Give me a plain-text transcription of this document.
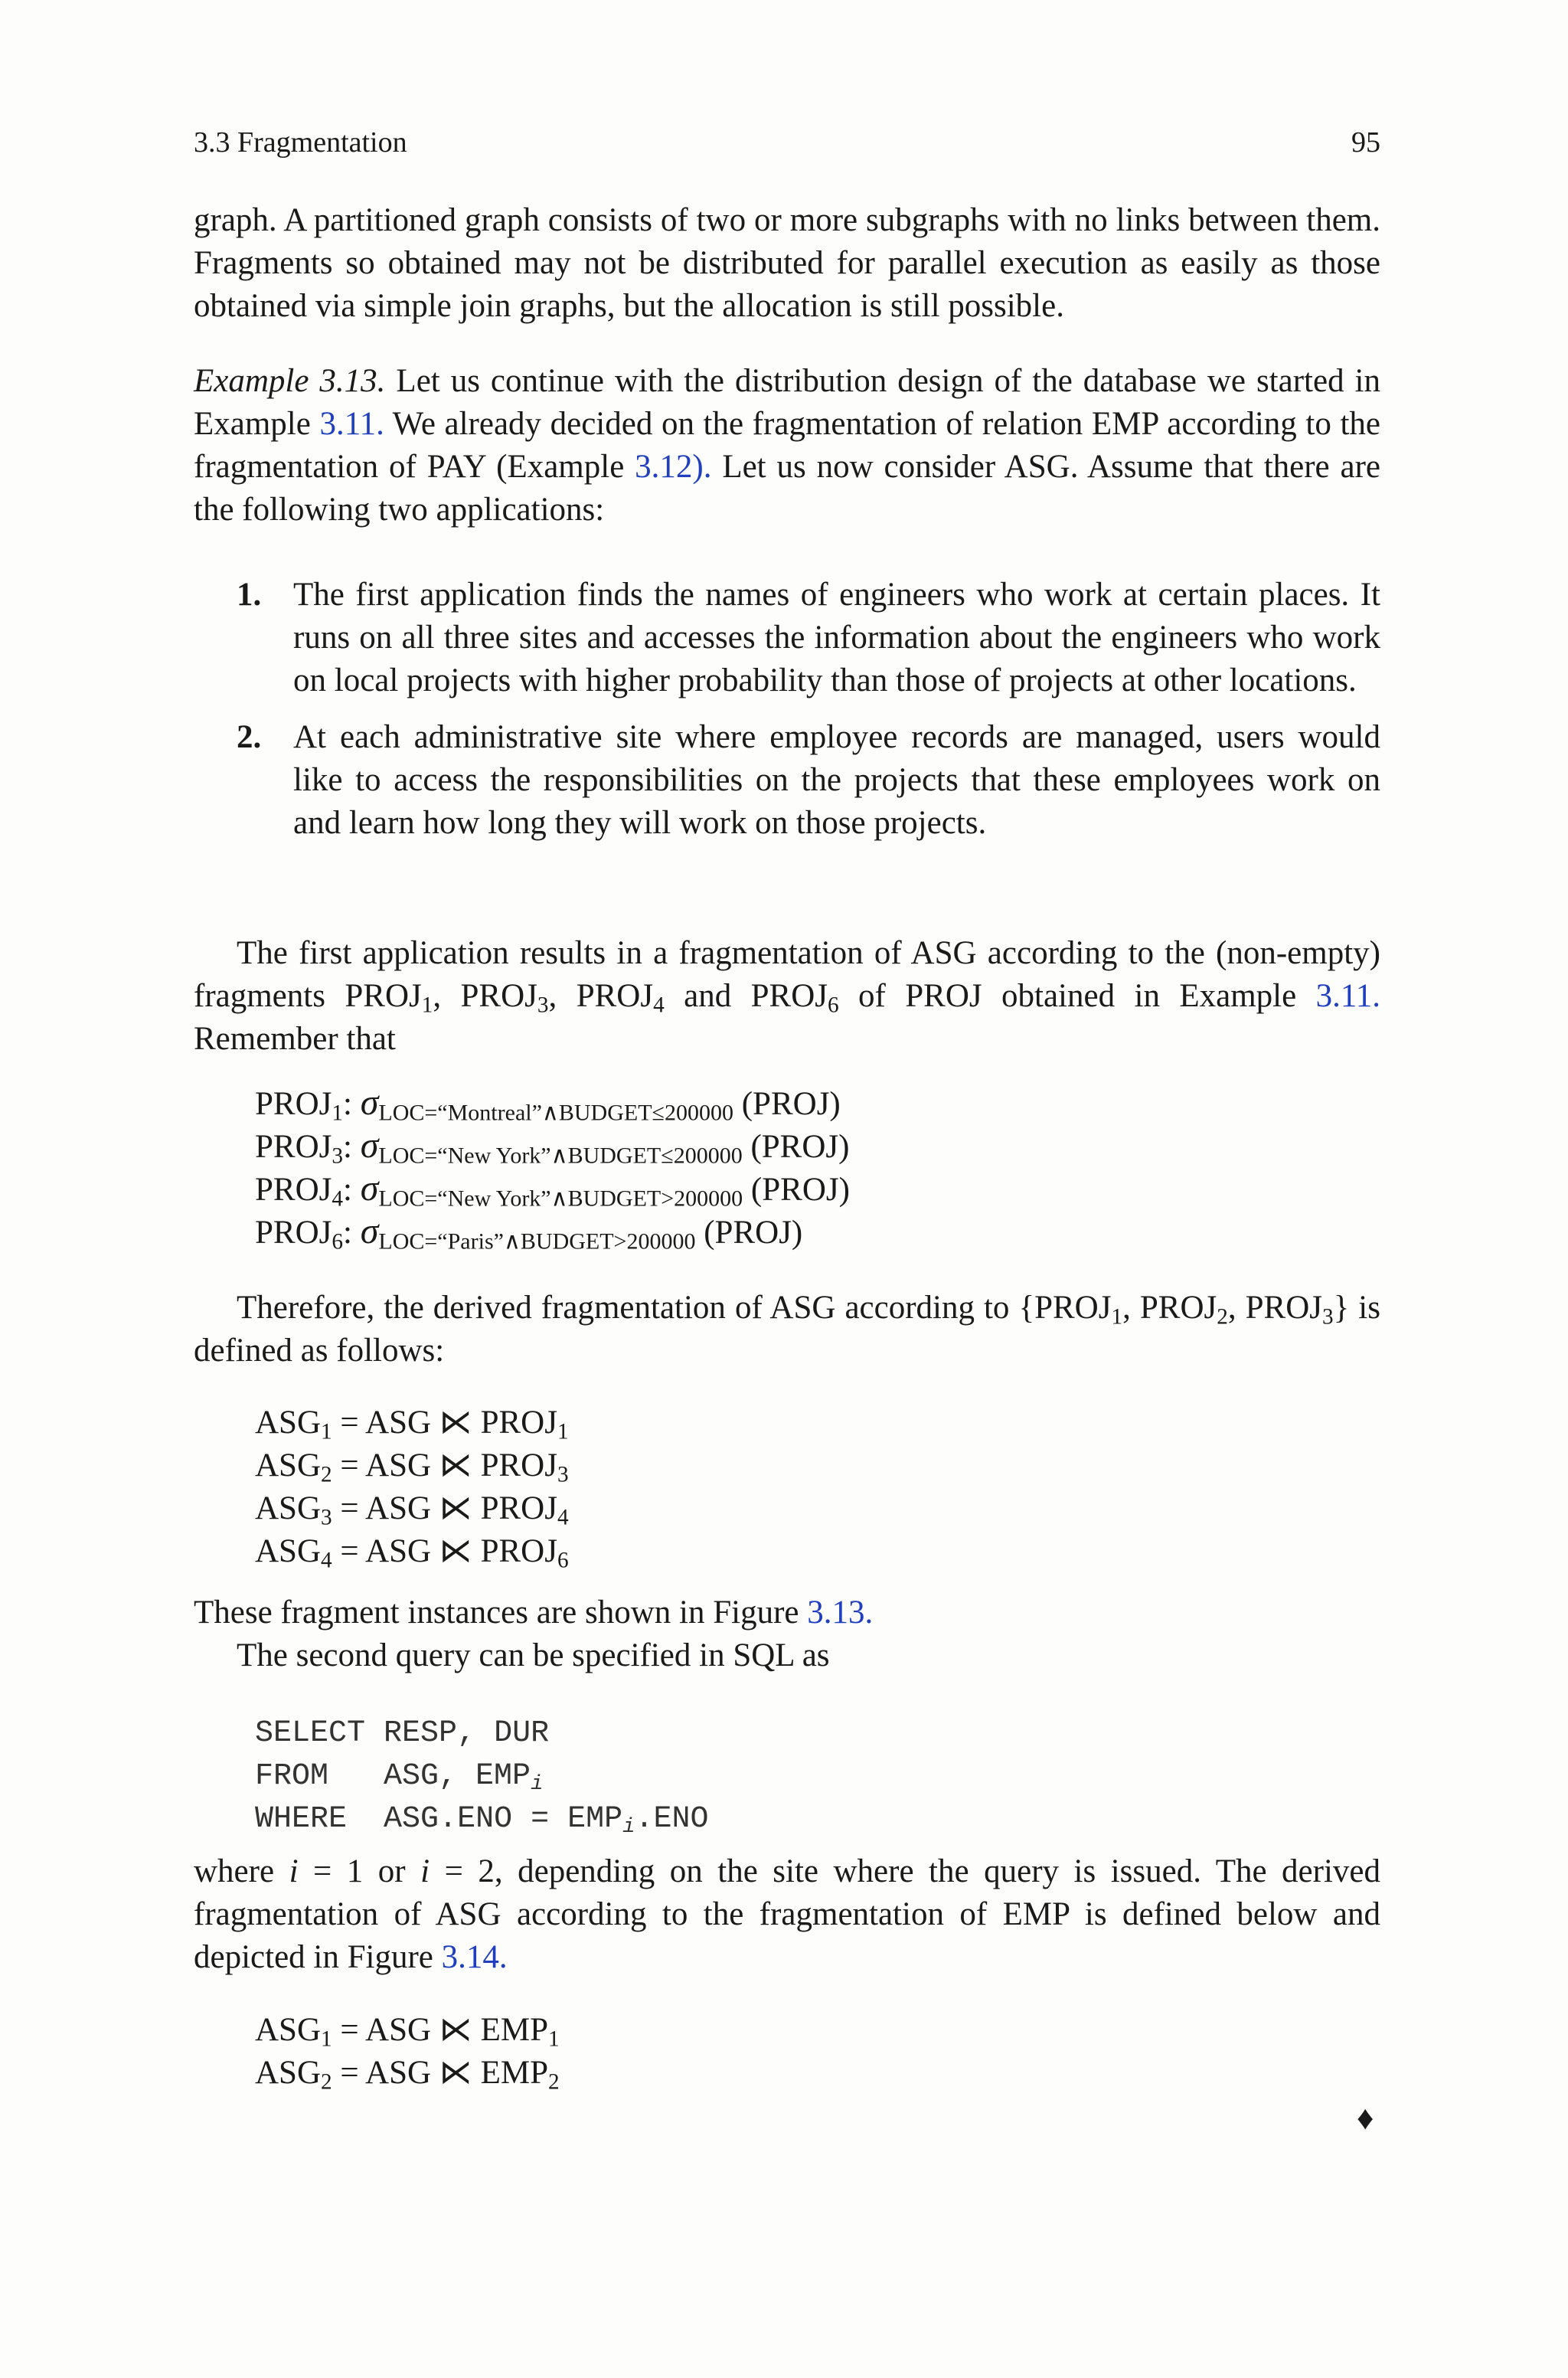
3.3 Fragmentation	95

graph. A partitioned graph consists of two or more subgraphs with no links between them. Fragments so obtained may not be distributed for parallel execution as easily as those obtained via simple join graphs, but the allocation is still possible.

Example 3.13. Let us continue with the distribution design of the database we started in Example 3.11. We already decided on the fragmentation of relation EMP according to the fragmentation of PAY (Example 3.12). Let us now consider ASG. Assume that there are the following two applications:

1. The first application finds the names of engineers who work at certain places. It runs on all three sites and accesses the information about the engineers who work on local projects with higher probability than those of projects at other locations.
2. At each administrative site where employee records are managed, users would like to access the responsibilities on the projects that these employees work on and learn how long they will work on those projects.

The first application results in a fragmentation of ASG according to the (non-empty) fragments $PROJ_1$, $PROJ_3$, $PROJ_4$ and $PROJ_6$ of PROJ obtained in Example 3.11. Remember that

$PROJ_1$: $\sigma_{LOC=“Montreal”\wedge BUDGET\le 200000}$ (PROJ)
$PROJ_3$: $\sigma_{LOC=“New York”\wedge BUDGET\le 200000}$ (PROJ)
$PROJ_4$: $\sigma_{LOC=“New York”\wedge BUDGET>200000}$ (PROJ)
$PROJ_6$: $\sigma_{LOC=“Paris”\wedge BUDGET>200000}$ (PROJ)

Therefore, the derived fragmentation of ASG according to {$PROJ_1$, $PROJ_2$, $PROJ_3$} is defined as follows:

$ASG_1$ = ASG ⋉ $PROJ_1$
$ASG_2$ = ASG ⋉ $PROJ_3$
$ASG_3$ = ASG ⋉ $PROJ_4$
$ASG_4$ = ASG ⋉ $PROJ_6$

These fragment instances are shown in Figure 3.13.

The second query can be specified in SQL as

SELECT RESP, DUR
FROM ASG, $EMP_i$
WHERE $ASG.ENO = EMP_i.ENO$

where i = 1 or i = 2, depending on the site where the query is issued. The derived fragmentation of ASG according to the fragmentation of EMP is defined below and depicted in Figure 3.14.

$ASG_1$ = ASG ⋉ $EMP_1$
$ASG_2$ = ASG ⋉ $EMP_2$
♦
